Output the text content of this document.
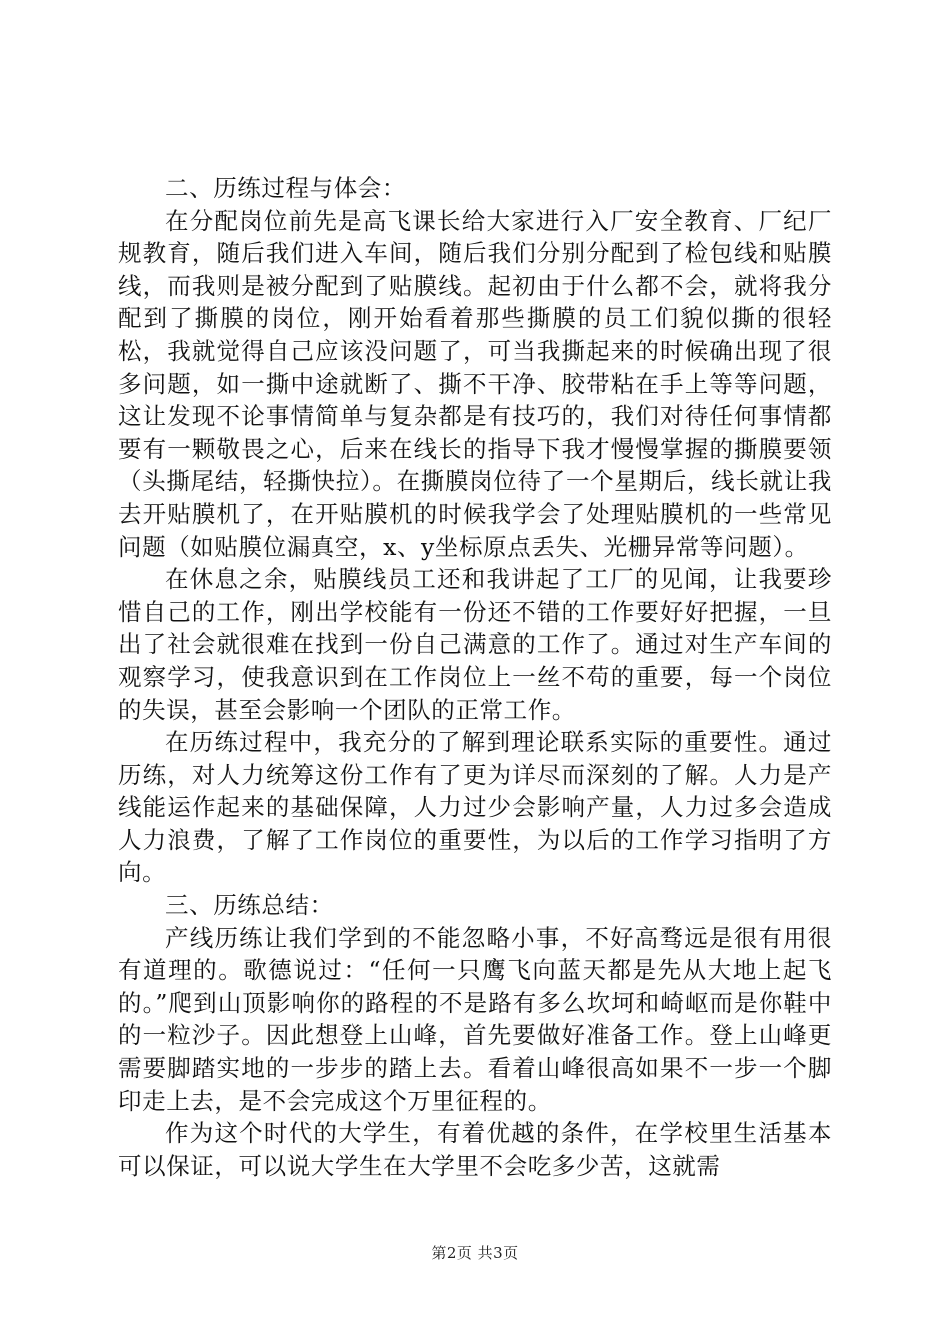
二、历练过程与体会：

在分配岗位前先是高飞课长给大家进行入厂安全教育、厂纪厂规教育，随后我们进入车间，随后我们分别分配到了检包线和贴膜线，而我则是被分配到了贴膜线。起初由于什么都不会，就将我分配到了撕膜的岗位，刚开始看着那些撕膜的员工们貌似撕的很轻松，我就觉得自己应该没问题了，可当我撕起来的时候确出现了很多问题，如一撕中途就断了、撕不干净、胶带粘在手上等等问题，这让发现不论事情简单与复杂都是有技巧的，我们对待任何事情都要有一颗敬畏之心，后来在线长的指导下我才慢慢掌握的撕膜要领（头撕尾结，轻撕快拉）。在撕膜岗位待了一个星期后，线长就让我去开贴膜机了，在开贴膜机的时候我学会了处理贴膜机的一些常见问题（如贴膜位漏真空，x、y坐标原点丢失、光栅异常等问题）。

在休息之余，贴膜线员工还和我讲起了工厂的见闻，让我要珍惜自己的工作，刚出学校能有一份还不错的工作要好好把握，一旦出了社会就很难在找到一份自己满意的工作了。通过对生产车间的观察学习，使我意识到在工作岗位上一丝不苟的重要，每一个岗位的失误，甚至会影响一个团队的正常工作。

在历练过程中，我充分的了解到理论联系实际的重要性。通过历练，对人力统筹这份工作有了更为详尽而深刻的了解。人力是产线能运作起来的基础保障，人力过少会影响产量，人力过多会造成人力浪费，了解了工作岗位的重要性，为以后的工作学习指明了方向。

三、历练总结：

产线历练让我们学到的不能忽略小事，不好高骛远是很有用很有道理的。歌德说过：“任何一只鹰飞向蓝天都是先从大地上起飞的。”爬到山顶影响你的路程的不是路有多么坎坷和崎岖而是你鞋中的一粒沙子。因此想登上山峰，首先要做好准备工作。登上山峰更需要脚踏实地的一步步的踏上去。看着山峰很高如果不一步一个脚印走上去，是不会完成这个万里征程的。

作为这个时代的大学生，有着优越的条件，在学校里生活基本可以保证，可以说大学生在大学里不会吃多少苦，这就需

第2页 共3页
